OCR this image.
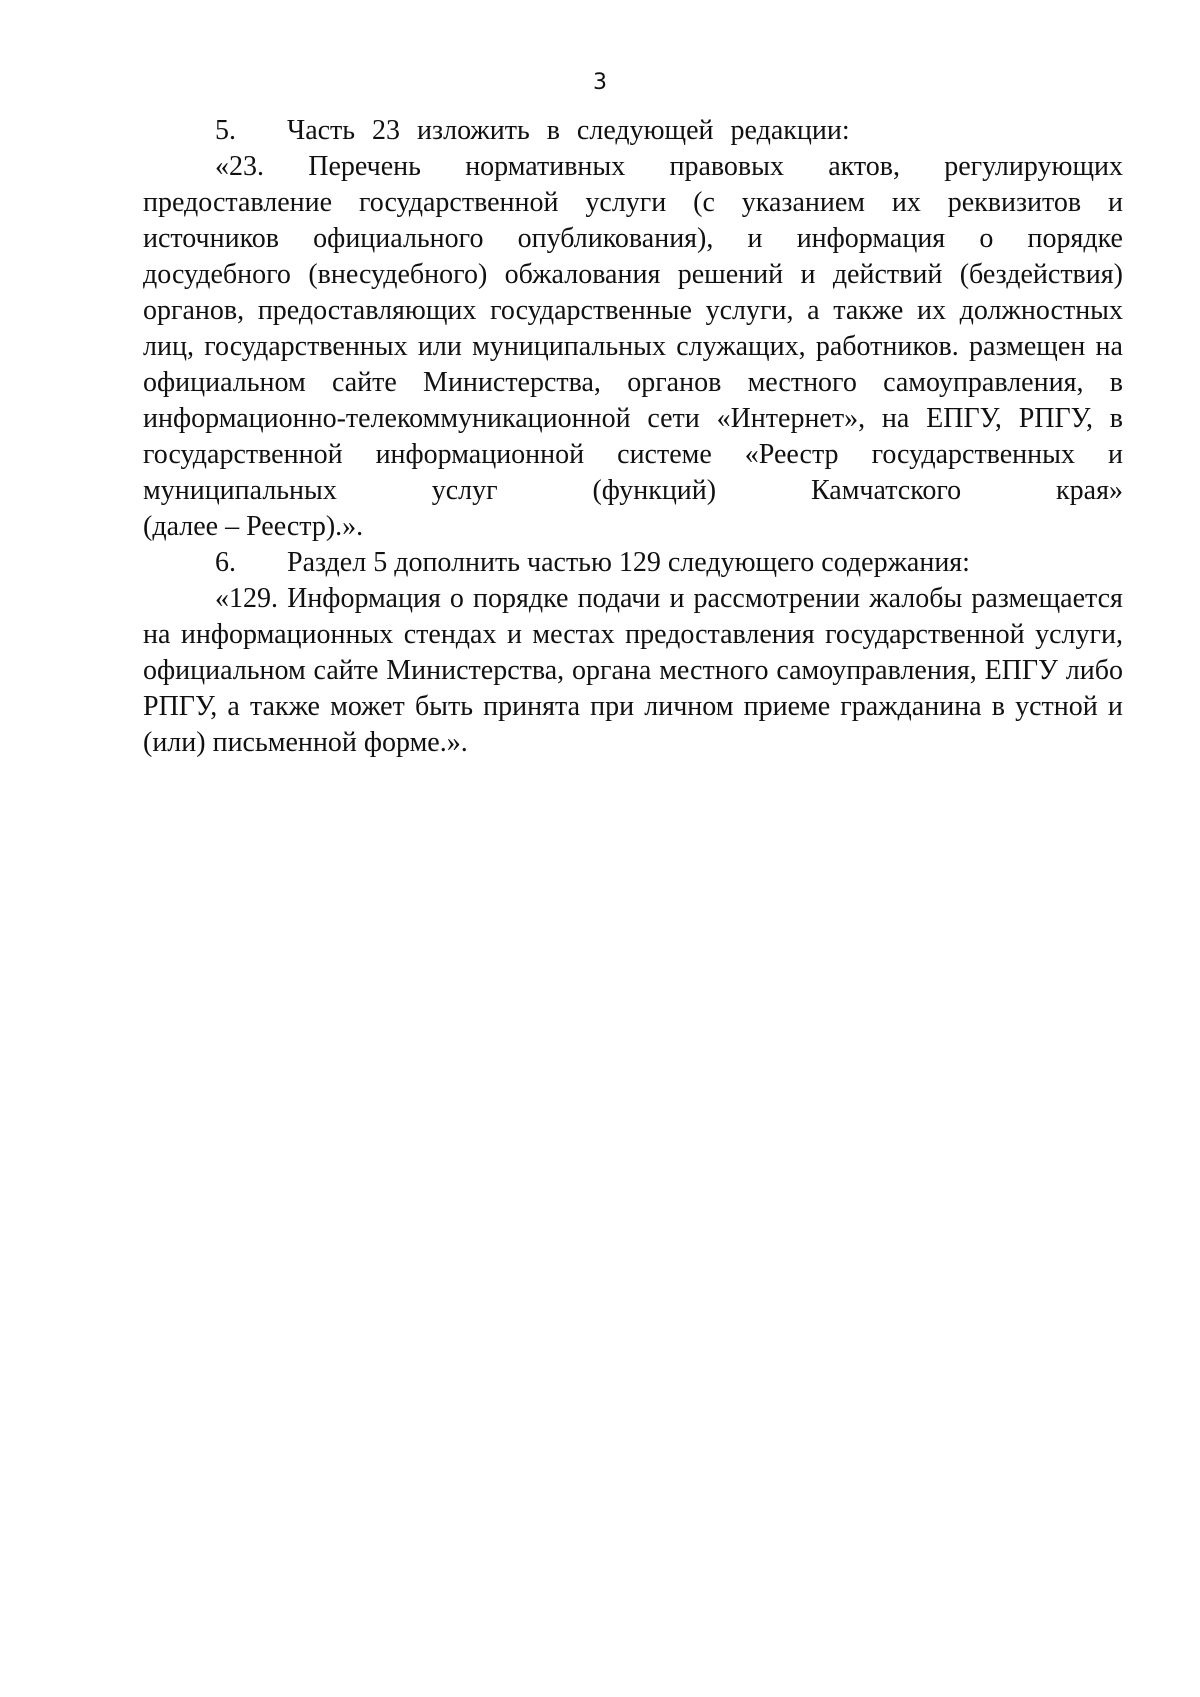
3
5.	Часть 23 изложить в следующей редакции:
«23. Перечень нормативных правовых актов, регулирующих
предоставление государственной услуги (с указанием их реквизитов и
источников официального опубликования), и информация о порядке
досудебного (внесудебного) обжалования решений и действий (бездействия)
органов, предоставляющих государственные услуги, а также их должностных
лиц, государственных или муниципальных служащих, работников. размещен на
официальном сайте Министерства, органов местного самоуправления, в
информационно-телекоммуникационной сети «Интернет», на ЕПГУ, РПГУ, в
государственной информационной системе «Реестр государственных и
муниципальных	услуг	(функций)	Камчатского	края»
(далее – Реестр).».
6.	Раздел 5 дополнить частью 129 следующего содержания:
«129. Информация о порядке подачи и рассмотрении жалобы размещается
на информационных стендах и местах предоставления государственной услуги,
официальном сайте Министерства, органа местного самоуправления, ЕПГУ либо
РПГУ, а также может быть принята при личном приеме гражданина в устной и
(или) письменной форме.».
